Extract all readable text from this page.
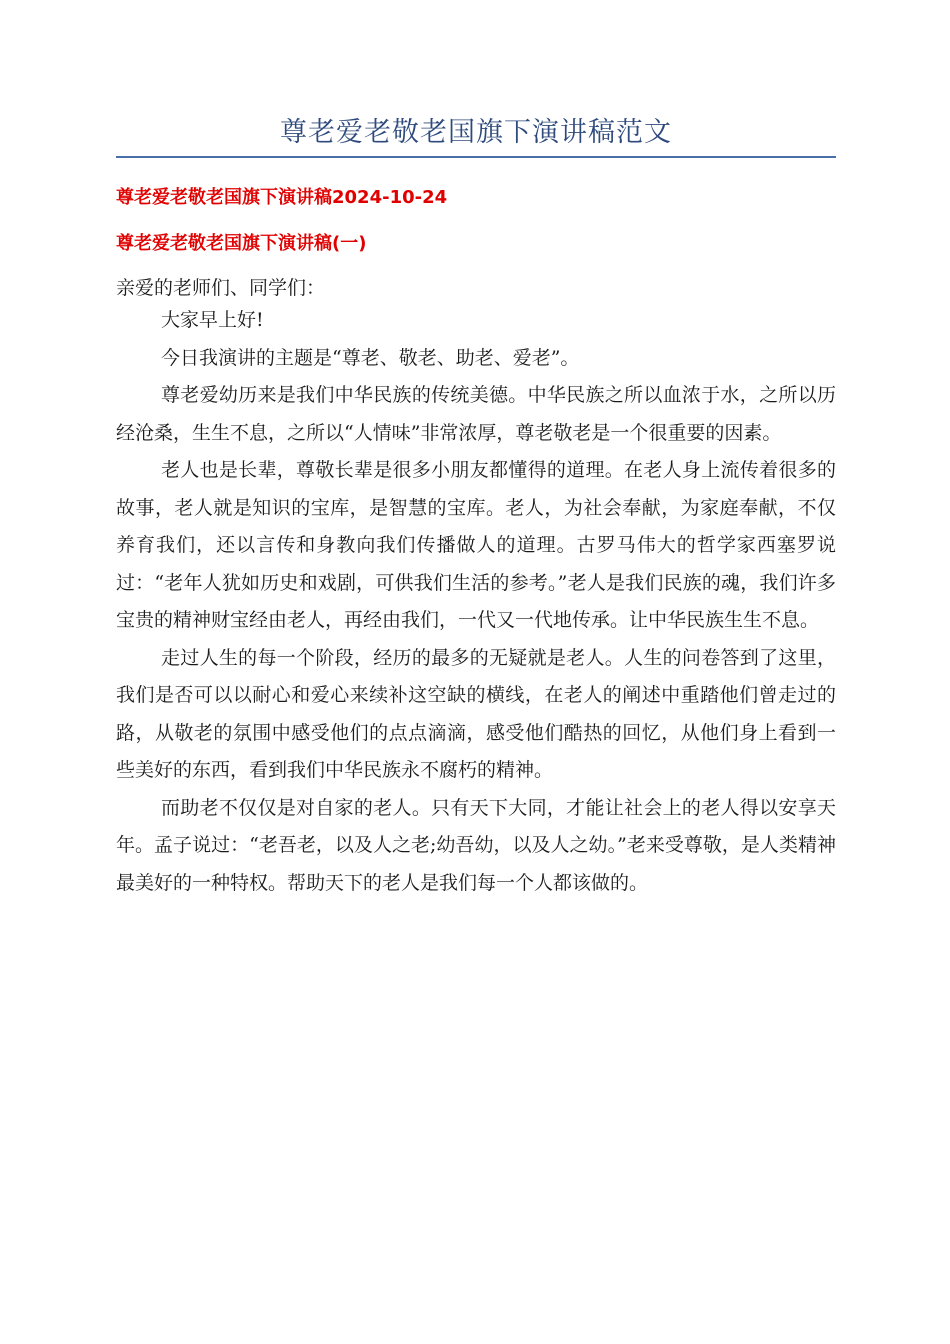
尊老爱老敬老国旗下演讲稿范文
尊老爱老敬老国旗下演讲稿2024-10-24
尊老爱老敬老国旗下演讲稿(一)
亲爱的老师们、同学们：

大家早上好!

今日我演讲的主题是“尊老、敬老、助老、爱老”。

尊老爱幼历来是我们中华民族的传统美德。中华民族之所以血浓于水，之所以历经沧桑，生生不息，之所以“人情味”非常浓厚，尊老敬老是一个很重要的因素。

老人也是长辈，尊敬长辈是很多小朋友都懂得的道理。在老人身上流传着很多的故事，老人就是知识的宝库，是智慧的宝库。老人，为社会奉献，为家庭奉献，不仅养育我们，还以言传和身教向我们传播做人的道理。古罗马伟大的哲学家西塞罗说过：“老年人犹如历史和戏剧，可供我们生活的参考。”老人是我们民族的魂，我们许多宝贵的精神财宝经由老人，再经由我们，一代又一代地传承。让中华民族生生不息。

走过人生的每一个阶段，经历的最多的无疑就是老人。人生的问卷答到了这里，我们是否可以以耐心和爱心来续补这空缺的横线，在老人的阐述中重踏他们曾走过的路，从敬老的氛围中感受他们的点点滴滴，感受他们酷热的回忆，从他们身上看到一些美好的东西，看到我们中华民族永不腐朽的精神。

而助老不仅仅是对自家的老人。只有天下大同，才能让社会上的老人得以安享天年。孟子说过：“老吾老，以及人之老;幼吾幼，以及人之幼。”老来受尊敬，是人类精神最美好的一种特权。帮助天下的老人是我们每一个人都该做的。
